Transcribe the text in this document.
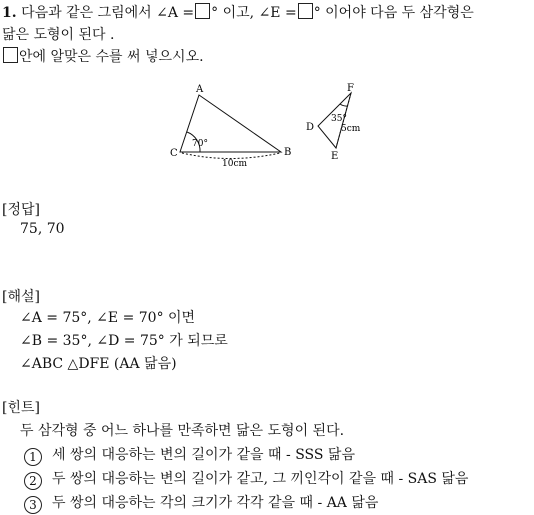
1. 다음과 같은 그림에서 ∠A = ° 이고, ∠E = ° 이어야 다음 두 삼각형은
닮은 도형이 된다 .
안에 알맞은 수를 써 넣으시오.
A
B
C
70°
10cm
F
D
E
35°
5cm
[정답]
75, 70
[해설]
∠A = 75°, ∠E = 70° 이면
∠B = 35°, ∠D = 75° 가 되므로
∠ABC △DFE (AA 닮음)
[힌트]
두 삼각형 중 어느 하나를 만족하면 닮은 도형이 된다.
1 세 쌍의 대응하는 변의 길이가 같을 때 - SSS 닮음
2 두 쌍의 대응하는 변의 길이가 같고, 그 끼인각이 같을 때 - SAS 닮음
3 두 쌍의 대응하는 각의 크기가 각각 같을 때 - AA 닮음
